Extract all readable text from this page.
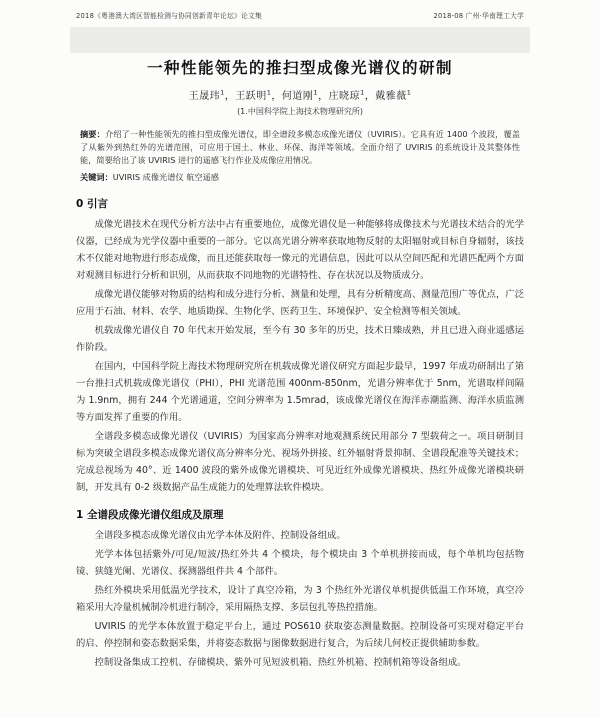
2018《粤港澳大湾区智能检测与协同创新青年论坛》论文集	2018-08 广州·华南理工大学
一种性能领先的推扫型成像光谱仪的研制
王晟玮$^1$，王跃明$^1$，何道刚$^1$，庄晓琼$^1$，戴雅薇$^1$
(1.中国科学院上海技术物理研究所)

摘要：介绍了一种性能领先的推扫型成像光谱仪，即全谱段多模态成像光谱仪（UVIRIS）。它具有近 1400 个波段，覆盖了从紫外到热红外的光谱范围，可应用于国土、林业、环保、海洋等领域。全面介绍了 UVIRIS 的系统设计及其整体性能，简要给出了该 UVIRIS 进行的遥感飞行作业及成像应用情况。

关键词：UVIRIS 成像光谱仪 航空遥感

0 引言

成像光谱技术在现代分析方法中占有重要地位，成像光谱仪是一种能够将成像技术与光谱技术结合的光学仪器，已经成为光学仪器中重要的一部分。它以高光谱分辨率获取地物反射的太阳辐射或目标自身辐射，该技术不仅能对地物进行形态成像，而且还能获取每一像元的光谱信息，因此可以从空间匹配和光谱匹配两个方面对观测目标进行分析和识别，从而获取不同地物的光谱特性、存在状况以及物质成分。

成像光谱仪能够对物质的结构和成分进行分析、测量和处理，具有分析精度高、测量范围广等优点，广泛应用于石油、材料、农学、地质勘探、生物化学、医药卫生、环境保护、安全检测等相关领域。

机载成像光谱仪自 70 年代末开始发展，至今有 30 多年的历史，技术日臻成熟，并且已进入商业遥感运作阶段。

在国内，中国科学院上海技术物理研究所在机载成像光谱仪研究方面起步最早，1997 年成功研制出了第一台推扫式机载成像光谱仪（PHI），PHI 光谱范围 400nm-850nm，光谱分辨率优于 5nm，光谱取样间隔为 1.9nm，拥有 244 个光谱通道，空间分辨率为 1.5mrad，该成像光谱仪在海洋赤潮监测、海洋水质监测等方面发挥了重要的作用。

全谱段多模态成像光谱仪（UVIRIS）为国家高分辨率对地观测系统民用部分 7 型载荷之一。项目研制目标为突破全谱段多模态成像光谱仪高分辨率分光、视场外拼接、红外辐射背景抑制、全谱段配准等关键技术；完成总视场为 40°、近 1400 波段的紫外成像光谱模块、可见近红外成像光谱模块、热红外成像光谱模块研制，开发具有 0-2 级数据产品生成能力的处理算法软件模块。

1 全谱段成像光谱仪组成及原理

全谱段多模态成像光谱仪由光学本体及附件、控制设备组成。

光学本体包括紫外/可见/短波/热红外共 4 个模块，每个模块由 3 个单机拼接而成，每个单机均包括物镜、狭缝光阑、光谱仪、探测器组件共 4 个部件。

热红外模块采用低温光学技术，设计了真空冷箱，为 3 个热红外光谱仪单机提供低温工作环境，真空冷箱采用大冷量机械制冷机进行制冷，采用隔热支撑、多层包扎等热控措施。

UVIRIS 的光学本体放置于稳定平台上，通过 POS610 获取姿态测量数据。控制设备可实现对稳定平台的启、停控制和姿态数据采集，并将姿态数据与图像数据进行复合，为后续几何校正提供辅助参数。

控制设备集成工控机、存储模块、紫外可见短波机箱、热红外机箱、控制机箱等设备组成。
